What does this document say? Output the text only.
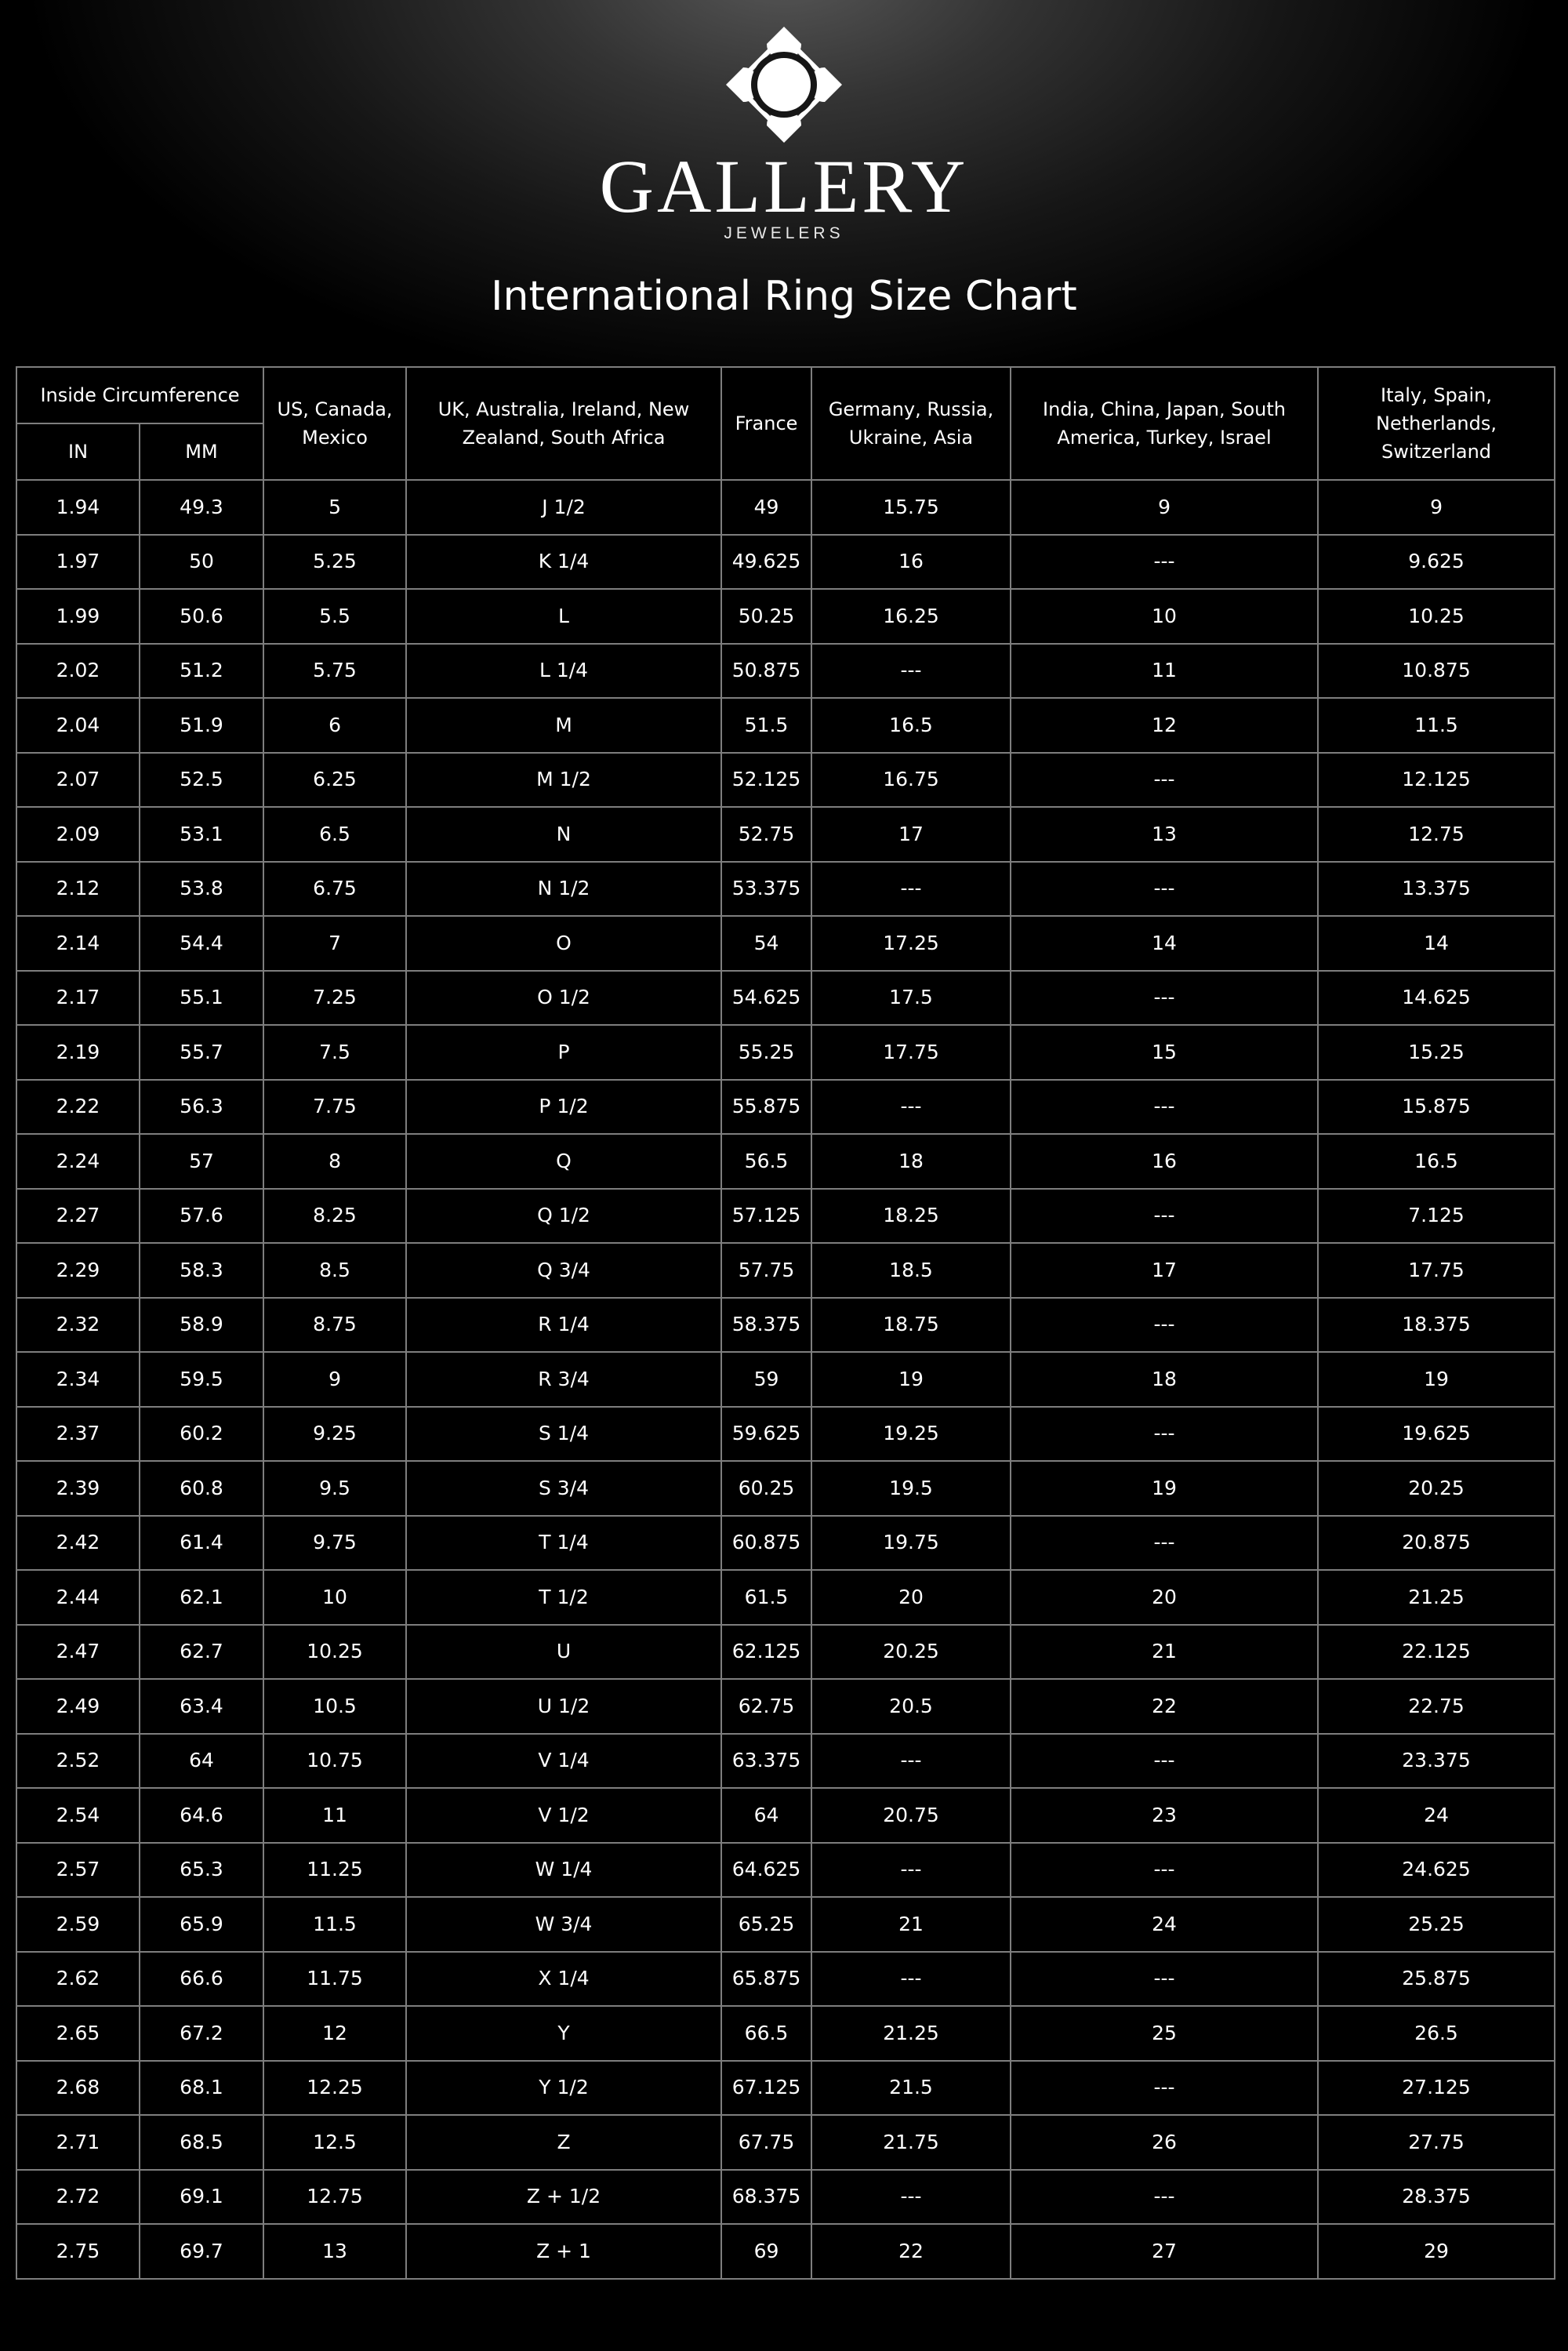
GALLERY
JEWELERS
International Ring Size Chart
Inside Circumference		US, Canada, Mexico	UK, Australia, Ireland, New Zealand, South Africa	France	Germany, Russia, Ukraine, Asia	India, China, Japan, South America, Turkey, Israel	Italy, Spain, Netherlands, Switzerland
IN	MM						
1.94	49.3	5	J 1/2	49	15.75	9	9
1.97	50	5.25	K 1/4	49.625	16	---	9.625
1.99	50.6	5.5	L	50.25	16.25	10	10.25
2.02	51.2	5.75	L 1/4	50.875	---	11	10.875
2.04	51.9	6	M	51.5	16.5	12	11.5
2.07	52.5	6.25	M 1/2	52.125	16.75	---	12.125
2.09	53.1	6.5	N	52.75	17	13	12.75
2.12	53.8	6.75	N 1/2	53.375	---	---	13.375
2.14	54.4	7	O	54	17.25	14	14
2.17	55.1	7.25	O 1/2	54.625	17.5	---	14.625
2.19	55.7	7.5	P	55.25	17.75	15	15.25
2.22	56.3	7.75	P 1/2	55.875	---	---	15.875
2.24	57	8	Q	56.5	18	16	16.5
2.27	57.6	8.25	Q 1/2	57.125	18.25	---	7.125
2.29	58.3	8.5	Q 3/4	57.75	18.5	17	17.75
2.32	58.9	8.75	R 1/4	58.375	18.75	---	18.375
2.34	59.5	9	R 3/4	59	19	18	19
2.37	60.2	9.25	S 1/4	59.625	19.25	---	19.625
2.39	60.8	9.5	S 3/4	60.25	19.5	19	20.25
2.42	61.4	9.75	T 1/4	60.875	19.75	---	20.875
2.44	62.1	10	T 1/2	61.5	20	20	21.25
2.47	62.7	10.25	U	62.125	20.25	21	22.125
2.49	63.4	10.5	U 1/2	62.75	20.5	22	22.75
2.52	64	10.75	V 1/4	63.375	---	---	23.375
2.54	64.6	11	V 1/2	64	20.75	23	24
2.57	65.3	11.25	W 1/4	64.625	---	---	24.625
2.59	65.9	11.5	W 3/4	65.25	21	24	25.25
2.62	66.6	11.75	X 1/4	65.875	---	---	25.875
2.65	67.2	12	Y	66.5	21.25	25	26.5
2.68	68.1	12.25	Y 1/2	67.125	21.5	---	27.125
2.71	68.5	12.5	Z	67.75	21.75	26	27.75
2.72	69.1	12.75	Z + 1/2	68.375	---	---	28.375
2.75	69.7	13	Z + 1	69	22	27	29
